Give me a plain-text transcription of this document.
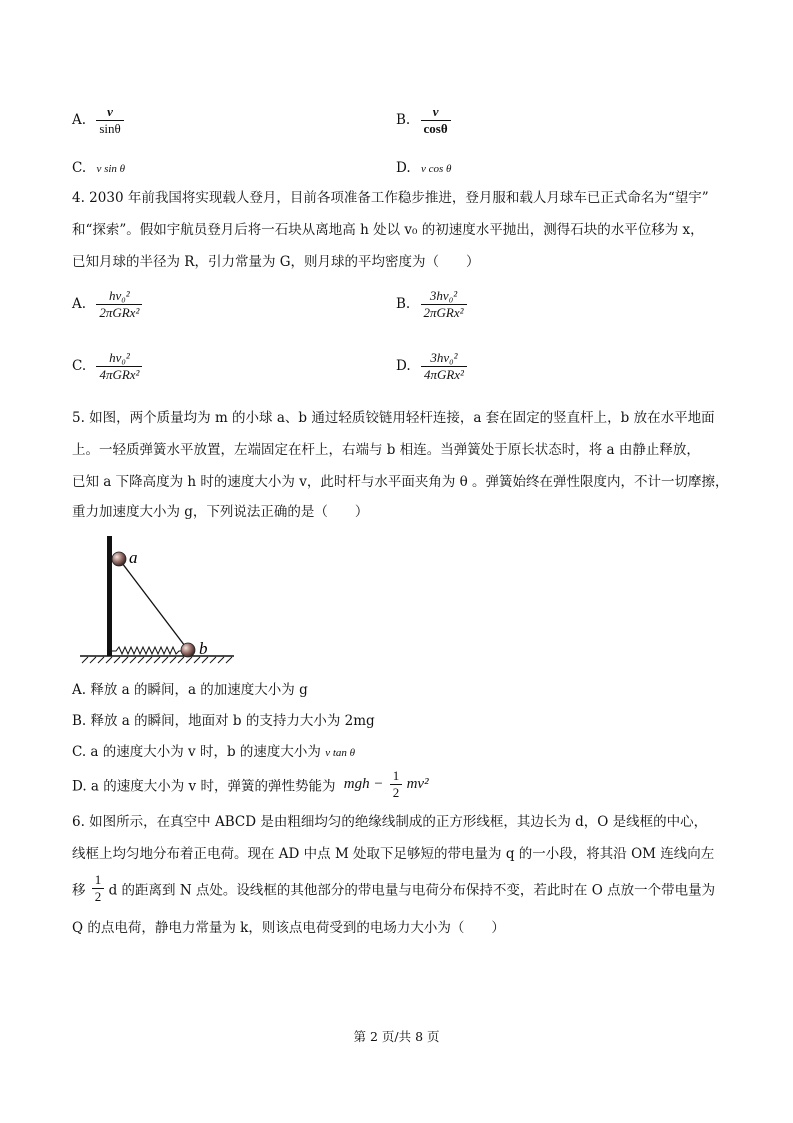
A. $\frac{v}{\sin\theta}$	B. $\frac{v}{\cos\theta}$
C. v sin θ	D. v cos θ
4. 2030 年前我国将实现载人登月，目前各项准备工作稳步推进，登月服和载人月球车已正式命名为“望宇”
和“探索”。假如宇航员登月后将一石块从离地高 h 处以 v₀ 的初速度水平抛出，测得石块的水平位移为 x，
已知月球的半径为 R，引力常量为 G，则月球的平均密度为（　　）
A. $\frac{\text{hv₀²}}{\text{2πGRx²}}$	B. $\frac{\text{3hv₀²}}{\text{2πGRx²}}$
C. $\frac{\text{hv₀²}}{\text{4πGRx²}}$	D. $\frac{\text{3hv₀²}}{\text{4πGRx²}}$
5. 如图，两个质量均为 m 的小球 a、b 通过轻质铰链用轻杆连接，a 套在固定的竖直杆上，b 放在水平地面
上。一轻质弹簧水平放置，左端固定在杆上，右端与 b 相连。当弹簧处于原长状态时，将 a 由静止释放，
已知 a 下降高度为 h 时的速度大小为 v，此时杆与水平面夹角为 θ 。弹簧始终在弹性限度内，不计一切摩擦，
重力加速度大小为 g，下列说法正确的是（　　）
a
b
A. 释放 a 的瞬间，a 的加速度大小为 g
B. 释放 a 的瞬间，地面对 b 的支持力大小为 2mg
C. a 的速度大小为 v 时，b 的速度大小为 v tan θ
D. a 的速度大小为 v 时，弹簧的弹性势能为 mgh − $\frac{1}{2} mv^2$
6. 如图所示，在真空中 ABCD 是由粗细均匀的绝缘线制成的正方形线框，其边长为 d，O 是线框的中心，
线框上均匀地分布着正电荷。现在 AD 中点 M 处取下足够短的带电量为 q 的一小段，将其沿 OM 连线向左
移 $\frac{1}{2}$ d 的距离到 N 点处。设线框的其他部分的带电量与电荷分布保持不变，若此时在 O 点放一个带电量为
Q 的点电荷，静电力常量为 k，则该点电荷受到的电场力大小为（　　）
第 2 页/共 8 页
